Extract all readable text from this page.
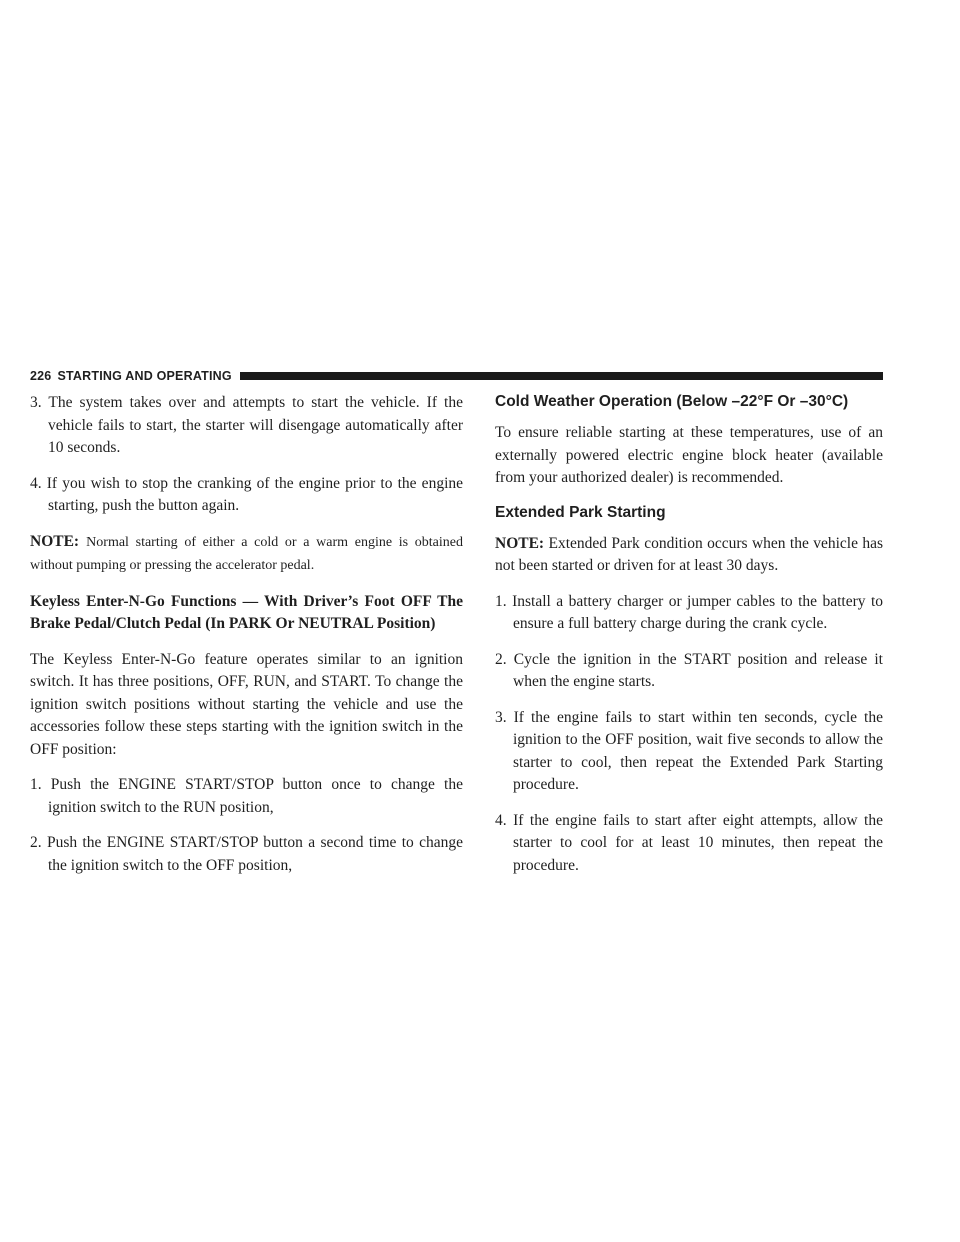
226 STARTING AND OPERATING

3. The system takes over and attempts to start the vehicle. If the vehicle fails to start, the starter will disengage automatically after 10 seconds.

4. If you wish to stop the cranking of the engine prior to the engine starting, push the button again.

NOTE: Normal starting of either a cold or a warm engine is obtained without pumping or pressing the accelerator pedal.

Keyless Enter-N-Go Functions — With Driver’s Foot OFF The Brake Pedal/Clutch Pedal (In PARK Or NEUTRAL Position)

The Keyless Enter-N-Go feature operates similar to an ignition switch. It has three positions, OFF, RUN, and START. To change the ignition switch positions without starting the vehicle and use the accessories follow these steps starting with the ignition switch in the OFF position:

1. Push the ENGINE START/STOP button once to change the ignition switch to the RUN position,

2. Push the ENGINE START/STOP button a second time to change the ignition switch to the OFF position,

Cold Weather Operation (Below –22°F Or –30°C)

To ensure reliable starting at these temperatures, use of an externally powered electric engine block heater (available from your authorized dealer) is recommended.

Extended Park Starting

NOTE: Extended Park condition occurs when the vehicle has not been started or driven for at least 30 days.

1. Install a battery charger or jumper cables to the battery to ensure a full battery charge during the crank cycle.

2. Cycle the ignition in the START position and release it when the engine starts.

3. If the engine fails to start within ten seconds, cycle the ignition to the OFF position, wait five seconds to allow the starter to cool, then repeat the Extended Park Starting procedure.

4. If the engine fails to start after eight attempts, allow the starter to cool for at least 10 minutes, then repeat the procedure.
